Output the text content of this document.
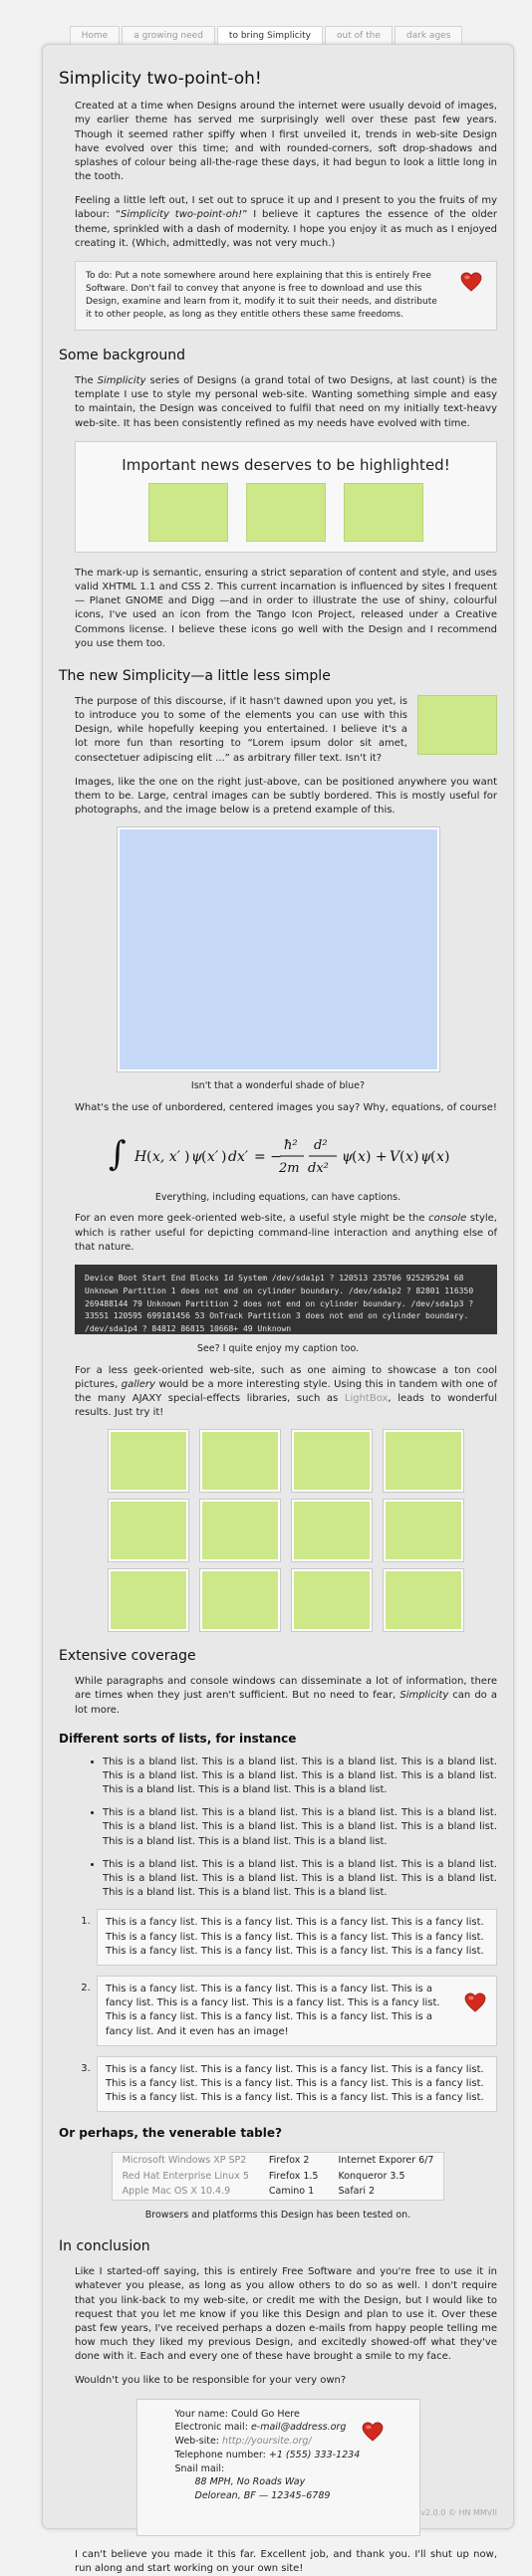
Home	a growing need	to bring Simplicity	out of the	dark ages
Simplicity two-point-oh!

Created at a time when Designs around the internet were usually devoid of images, my earlier theme has served me surprisingly well over these past few years. Though it seemed rather spiffy when I first unveiled it, trends in web-site Design have evolved over this time; and with rounded-corners, soft drop-shadows and splashes of colour being all-the-rage these days, it had begun to look a little long in the tooth.

Feeling a little left out, I set out to spruce it up and I present to you the fruits of my labour: “Simplicity two-point-oh!” I believe it captures the essence of the older theme, sprinkled with a dash of modernity. I hope you enjoy it as much as I enjoyed creating it. (Which, admittedly, was not very much.)

To do: Put a note somewhere around here explaining that this is entirely Free Software. Don't fail to convey that anyone is free to download and use this Design, examine and learn from it, modify it to suit their needs, and distribute it to other people, as long as they entitle others these same freedoms.
Some background

The Simplicity series of Designs (a grand total of two Designs, at last count) is the template I use to style my personal web-site. Wanting something simple and easy to maintain, the Design was conceived to fulfil that need on my initially text-heavy web-site. It has been consistently refined as my needs have evolved with time.

Important news deserves to be highlighted!

The mark-up is semantic, ensuring a strict separation of content and style, and uses valid XHTML 1.1 and CSS 2. This current incarnation is influenced by sites I frequent— Planet GNOME and Digg —and in order to illustrate the use of shiny, colourful icons, I've used an icon from the Tango Icon Project, released under a Creative Commons license. I believe these icons go well with the Design and I recommend you use them too.

The new Simplicity—a little less simple

The purpose of this discourse, if it hasn't dawned upon you yet, is to introduce you to some of the elements you can use with this Design, while hopefully keeping you entertained. I believe it's a lot more fun than resorting to “Lorem ipsum dolor sit amet, consectetuer adipiscing elit ...” as arbitrary filler text. Isn't it?

Images, like the one on the right just-above, can be positioned anywhere you want them to be. Large, central images can be subtly bordered. This is mostly useful for photographs, and the image below is a pretend example of this.

Isn't that a wonderful shade of blue?

What's the use of unbordered, centered images you say? Why, equations, of course!

∫ H ( x, x′ ) ψ ( x′ ) dx′ = −
ħ²
2m
d²
dx²
ψ ( x ) + V ( x ) ψ ( x )
Everything, including equations, can have captions.

For an even more geek-oriented web-site, a useful style might be the console style, which is rather useful for depicting command-line interaction and anything else of that nature.

Device Boot Start End Blocks Id System /dev/sda1p1 ? 120513 235706 925295294 68 Unknown Partition 1 does not end on cylinder boundary. /dev/sda1p2 ? 82801 116350 269488144 79 Unknown Partition 2 does not end on cylinder boundary. /dev/sda1p3 ? 33551 120595 699181456 53 OnTrack Partition 3 does not end on cylinder boundary. /dev/sda1p4 ? 84812 86815 10668+ 49 Unknown
See? I quite enjoy my caption too.

For a less geek-oriented web-site, such as one aiming to showcase a ton cool pictures, gallery would be a more interesting style. Using this in tandem with one of the many AJAXY special-effects libraries, such as LightBox, leads to wonderful results. Just try it!

Extensive coverage

While paragraphs and console windows can disseminate a lot of information, there are times when they just aren't sufficient. But no need to fear, Simplicity can do a lot more.

Different sorts of lists, for instance
• This is a bland list. This is a bland list. This is a bland list. This is a bland list. This is a bland list. This is a bland list. This is a bland list. This is a bland list. This is a bland list. This is a bland list. This is a bland list.
• This is a bland list. This is a bland list. This is a bland list. This is a bland list. This is a bland list. This is a bland list. This is a bland list. This is a bland list. This is a bland list. This is a bland list. This is a bland list.
• This is a bland list. This is a bland list. This is a bland list. This is a bland list. This is a bland list. This is a bland list. This is a bland list. This is a bland list. This is a bland list. This is a bland list. This is a bland list.
1.	This is a fancy list. This is a fancy list. This is a fancy list. This is a fancy list. This is a fancy list. This is a fancy list. This is a fancy list. This is a fancy list. This is a fancy list. This is a fancy list. This is a fancy list. This is a fancy list.
2.	This is a fancy list. This is a fancy list. This is a fancy list. This is a fancy list. This is a fancy list. This is a fancy list. This is a fancy list. This is a fancy list. This is a fancy list. This is a fancy list. This is a fancy list. And it even has an image!
3.	This is a fancy list. This is a fancy list. This is a fancy list. This is a fancy list. This is a fancy list. This is a fancy list. This is a fancy list. This is a fancy list. This is a fancy list. This is a fancy list. This is a fancy list. This is a fancy list.
Or perhaps, the venerable table?
Microsoft Windows XP SP2	Firefox 2	Internet Exporer 6/7
Red Hat Enterprise Linux 5	Firefox 1.5	Konqueror 3.5
Apple Mac OS X 10.4.9	Camino 1	Safari 2
Browsers and platforms this Design has been tested on.
In conclusion

Like I started-off saying, this is entirely Free Software and you're free to use it in whatever you please, as long as you allow others to do so as well. I don't require that you link-back to my web-site, or credit me with the Design, but I would like to request that you let me know if you like this Design and plan to use it. Over these past few years, I've received perhaps a dozen e-mails from happy people telling me how much they liked my previous Design, and excitedly showed-off what they've done with it. Each and every one of these have brought a smile to my face.

Wouldn't you like to be responsible for your very own?

Your name: Could Go Here
Electronic mail: e-mail@address.org
Web-site: http://yoursite.org/
Telephone number: +1 (555) 333-1234
Snail mail:
88 MPH, No Roads Way
Delorean, BF — 12345–6789

I can't believe you made it this far. Excellent job, and thank you. I'll shut up now, run along and start working on your own site!

v2.0.0 © HN MMVII
